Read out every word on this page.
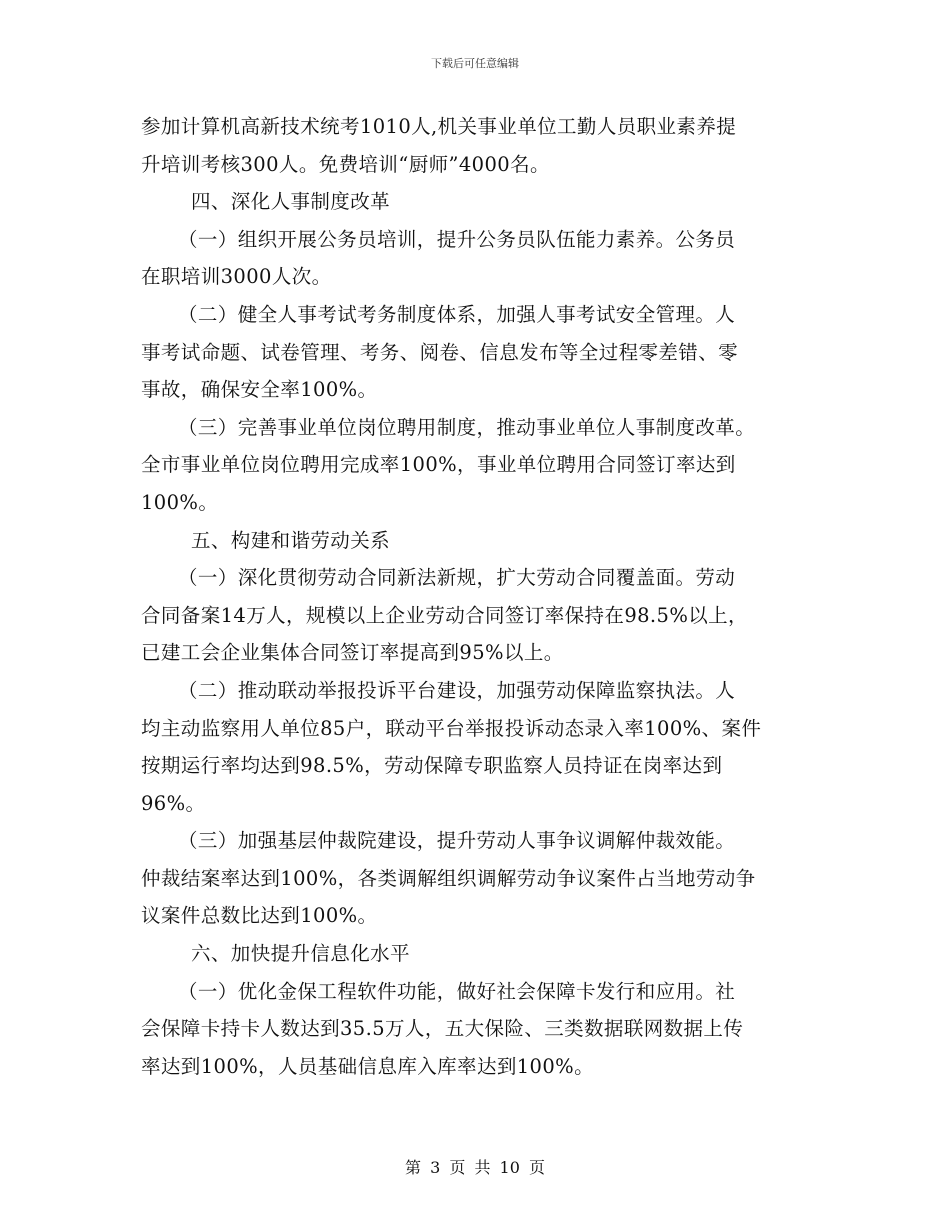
下载后可任意编辑
参加计算机高新技术统考1010人,机关事业单位工勤人员职业素养提
升培训考核300人。免费培训“厨师”4000名。
四、深化人事制度改革
（一）组织开展公务员培训，提升公务员队伍能力素养。公务员
在职培训3000人次。
（二）健全人事考试考务制度体系，加强人事考试安全管理。人
事考试命题、试卷管理、考务、阅卷、信息发布等全过程零差错、零
事故，确保安全率100%。
（三）完善事业单位岗位聘用制度，推动事业单位人事制度改革。
全市事业单位岗位聘用完成率100%，事业单位聘用合同签订率达到
100%。
五、构建和谐劳动关系
（一）深化贯彻劳动合同新法新规，扩大劳动合同覆盖面。劳动
合同备案14万人，规模以上企业劳动合同签订率保持在98.5%以上，
已建工会企业集体合同签订率提高到95%以上。
（二）推动联动举报投诉平台建设，加强劳动保障监察执法。人
均主动监察用人单位85户，联动平台举报投诉动态录入率100%、案件
按期运行率均达到98.5%，劳动保障专职监察人员持证在岗率达到
96%。
（三）加强基层仲裁院建设，提升劳动人事争议调解仲裁效能。
仲裁结案率达到100%，各类调解组织调解劳动争议案件占当地劳动争
议案件总数比达到100%。
六、加快提升信息化水平
（一）优化金保工程软件功能，做好社会保障卡发行和应用。社
会保障卡持卡人数达到35.5万人，五大保险、三类数据联网数据上传
率达到100%，人员基础信息库入库率达到100%。
第 3 页 共 10 页
